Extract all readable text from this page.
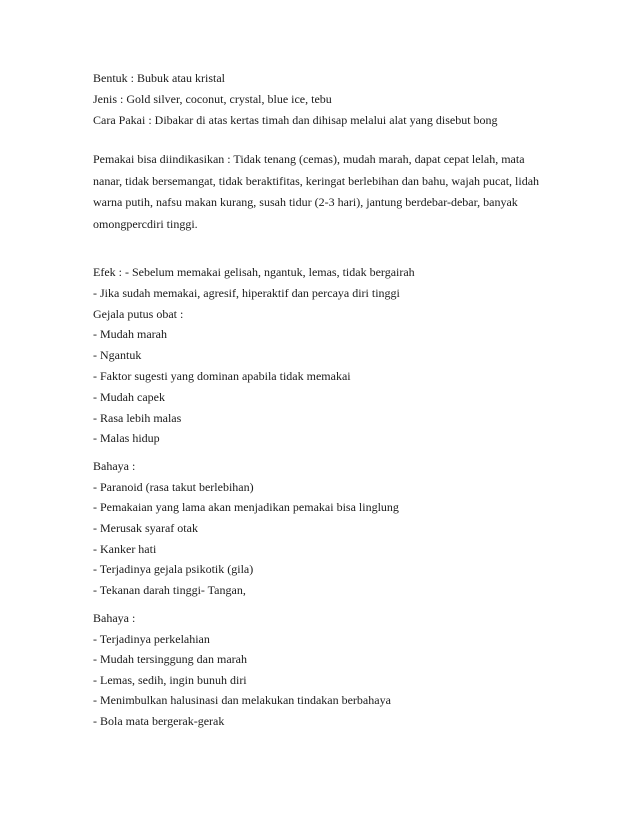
Bentuk : Bubuk atau kristal
Jenis : Gold silver, coconut, crystal, blue ice, tebu
Cara Pakai : Dibakar di atas kertas timah dan dihisap melalui alat yang disebut bong
Pemakai bisa diindikasikan : Tidak tenang (cemas), mudah marah, dapat cepat lelah, mata
nanar, tidak bersemangat, tidak beraktifitas, keringat berlebihan dan bahu, wajah pucat, lidah
warna putih, nafsu makan kurang, susah tidur (2-3 hari), jantung berdebar-debar, banyak
omongpercdiri tinggi.
Efek : - Sebelum memakai gelisah, ngantuk, lemas, tidak bergairah
- Jika sudah memakai, agresif, hiperaktif dan percaya diri tinggi
Gejala putus obat :
- Mudah marah
- Ngantuk
- Faktor sugesti yang dominan apabila tidak memakai
- Mudah capek
- Rasa lebih malas
- Malas hidup
Bahaya :
- Paranoid (rasa takut berlebihan)
- Pemakaian yang lama akan menjadikan pemakai bisa linglung
- Merusak syaraf otak
- Kanker hati
- Terjadinya gejala psikotik (gila)
- Tekanan darah tinggi- Tangan,
Bahaya :
- Terjadinya perkelahian
- Mudah tersinggung dan marah
- Lemas, sedih, ingin bunuh diri
- Menimbulkan halusinasi dan melakukan tindakan berbahaya
- Bola mata bergerak-gerak
